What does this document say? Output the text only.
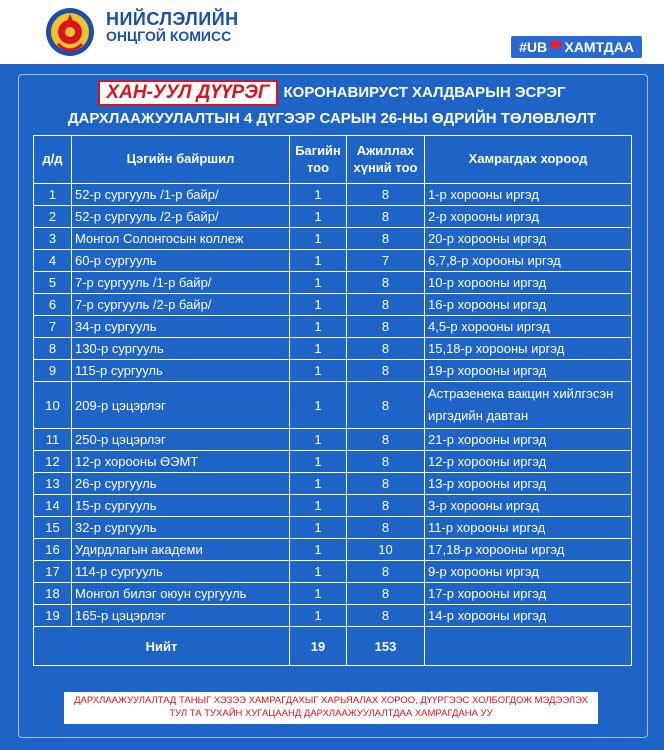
НИЙСЛЭЛИЙН
ОНЦГОЙ КОМИСС
#UB ❤ ХАМТДАА
ХАН-УУЛ ДҮҮРЭГ КОРОНАВИРУСТ ХАЛДВАРЫН ЭСРЭГ
ДАРХЛААЖУУЛАЛТЫН 4 ДҮГЭЭР САРЫН 26-НЫ ӨДРИЙН ТӨЛӨВЛӨЛТ
д/д	Цэгийн байршил	Багийн тоо	Ажиллах хүний тоо	Хамрагдах хороод
1	52-р сургууль /1-р байр/	1	8	1-р хорооны иргэд
2	52-р сургууль /2-р байр/	1	8	2-р хорооны иргэд
3	Монгол Солонгосын коллеж	1	8	20-р хорооны иргэд
4	60-р сургууль	1	7	6,7,8-р хорооны иргэд
5	7-р сургууль /1-р байр/	1	8	10-р хорооны иргэд
6	7-р сургууль /2-р байр/	1	8	16-р хорооны иргэд
7	34-р сургууль	1	8	4,5-р хорооны иргэд
8	130-р сургууль	1	8	15,18-р хорооны иргэд
9	115-р сургууль	1	8	19-р хорооны иргэд
10	209-р цэцэрлэг	1	8	Астразенека вакцин хийлгэсэн иргэдийн давтан
11	250-р цэцэрлэг	1	8	21-р хорооны иргэд
12	12-р хорооны ӨЭМТ	1	8	12-р хорооны иргэд
13	26-р сургууль	1	8	13-р хорооны иргэд
14	15-р сургууль	1	8	3-р хорооны иргэд
15	32-р сургууль	1	8	11-р хорооны иргэд
16	Удирдлагын академи	1	10	17,18-р хорооны иргэд
17	114-р сургууль	1	8	9-р хорооны иргэд
18	Монгол билэг оюун сургууль	1	8	17-р хорооны иргэд
19	165-р цэцэрлэг	1	8	14-р хорооны иргэд
Нийт		19	153	
ДАРХЛААЖУУЛАЛТАД ТАНЫГ ХЭЗЭЭ ХАМРАГДАХЫГ ХАРЬЯАЛАХ ХОРОО, ДҮҮРГЭЭС ХОЛБОГДОЖ МЭДЭЭЛЭХ ТУЛ ТА ТУХАЙН ХУГАЦААНД ДАРХЛААЖУУЛАЛТДАА ХАМРАГДАНА УУ
